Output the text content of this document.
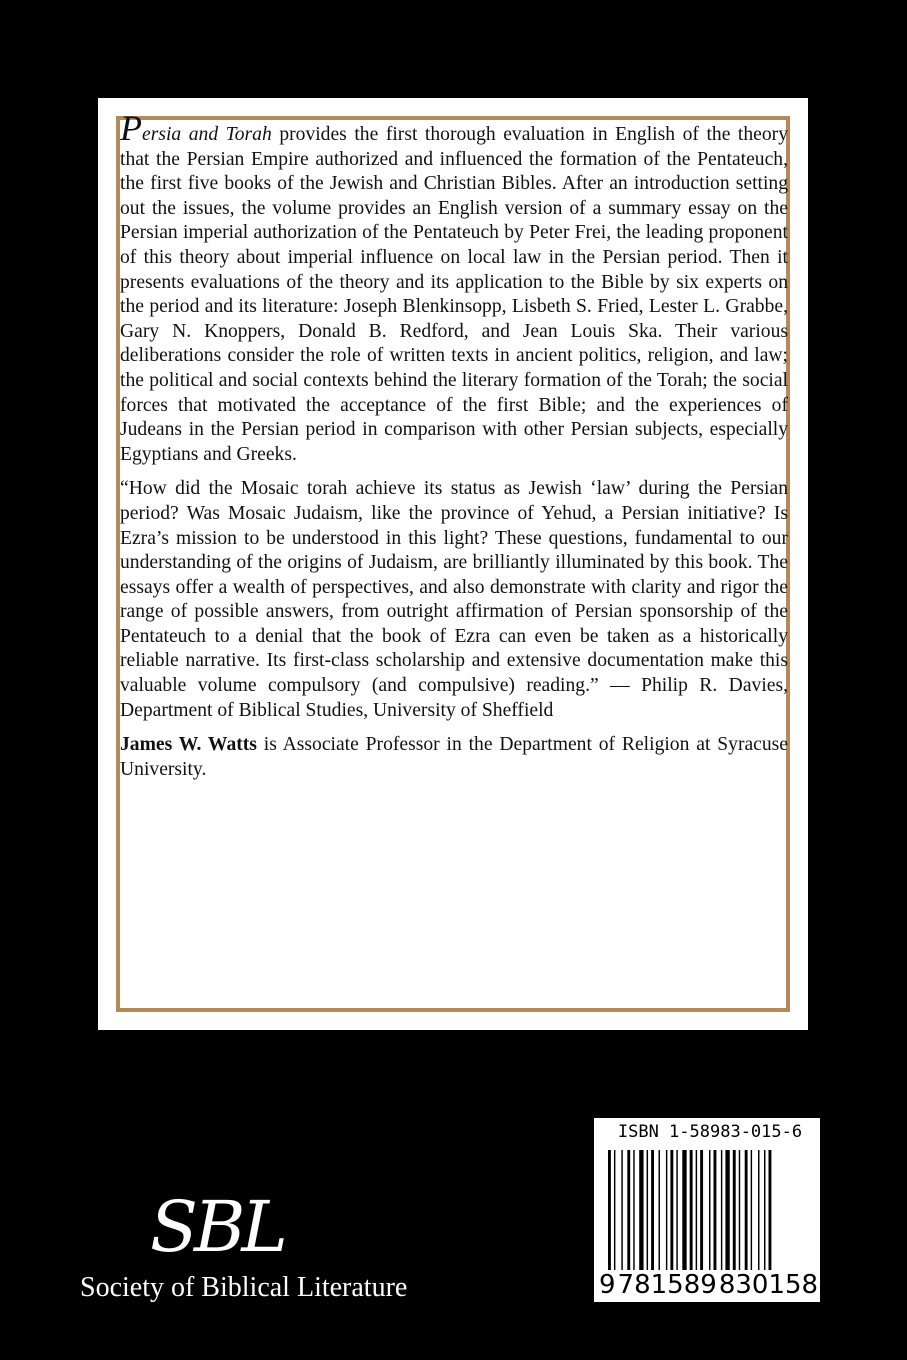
Persia and Torah provides the first thorough evaluation in English of the theory that the Persian Empire authorized and influenced the formation of the Pentateuch, the first five books of the Jewish and Christian Bibles. After an introduction setting out the issues, the volume provides an English version of a summary essay on the Persian imperial authorization of the Pentateuch by Peter Frei, the leading proponent of this theory about imperial influence on local law in the Persian period. Then it presents evaluations of the theory and its application to the Bible by six experts on the period and its literature: Joseph Blenkinsopp, Lisbeth S. Fried, Lester L. Grabbe, Gary N. Knoppers, Donald B. Redford, and Jean Louis Ska. Their various deliberations consider the role of written texts in ancient politics, religion, and law; the political and social contexts behind the literary formation of the Torah; the social forces that motivated the acceptance of the first Bible; and the experiences of Judeans in the Persian period in comparison with other Persian subjects, especially Egyptians and Greeks.

“How did the Mosaic torah achieve its status as Jewish ‘law’ during the Persian period? Was Mosaic Judaism, like the province of Yehud, a Persian initiative? Is Ezra’s mission to be understood in this light? These questions, fundamental to our understanding of the origins of Judaism, are brilliantly illuminated by this book. The essays offer a wealth of perspectives, and also demonstrate with clarity and rigor the range of possible answers, from outright affirmation of Persian sponsorship of the Pentateuch to a denial that the book of Ezra can even be taken as a historically reliable narrative. Its first-class scholarship and extensive documentation make this valuable volume compulsory (and compulsive) reading.” — Philip R. Davies, Department of Biblical Studies, University of Sheffield

James W. Watts is Associate Professor in the Department of Religion at Syracuse University.

ISBN 1-58983-015-6
9 781589 830158
SBL
Society of Biblical Literature
